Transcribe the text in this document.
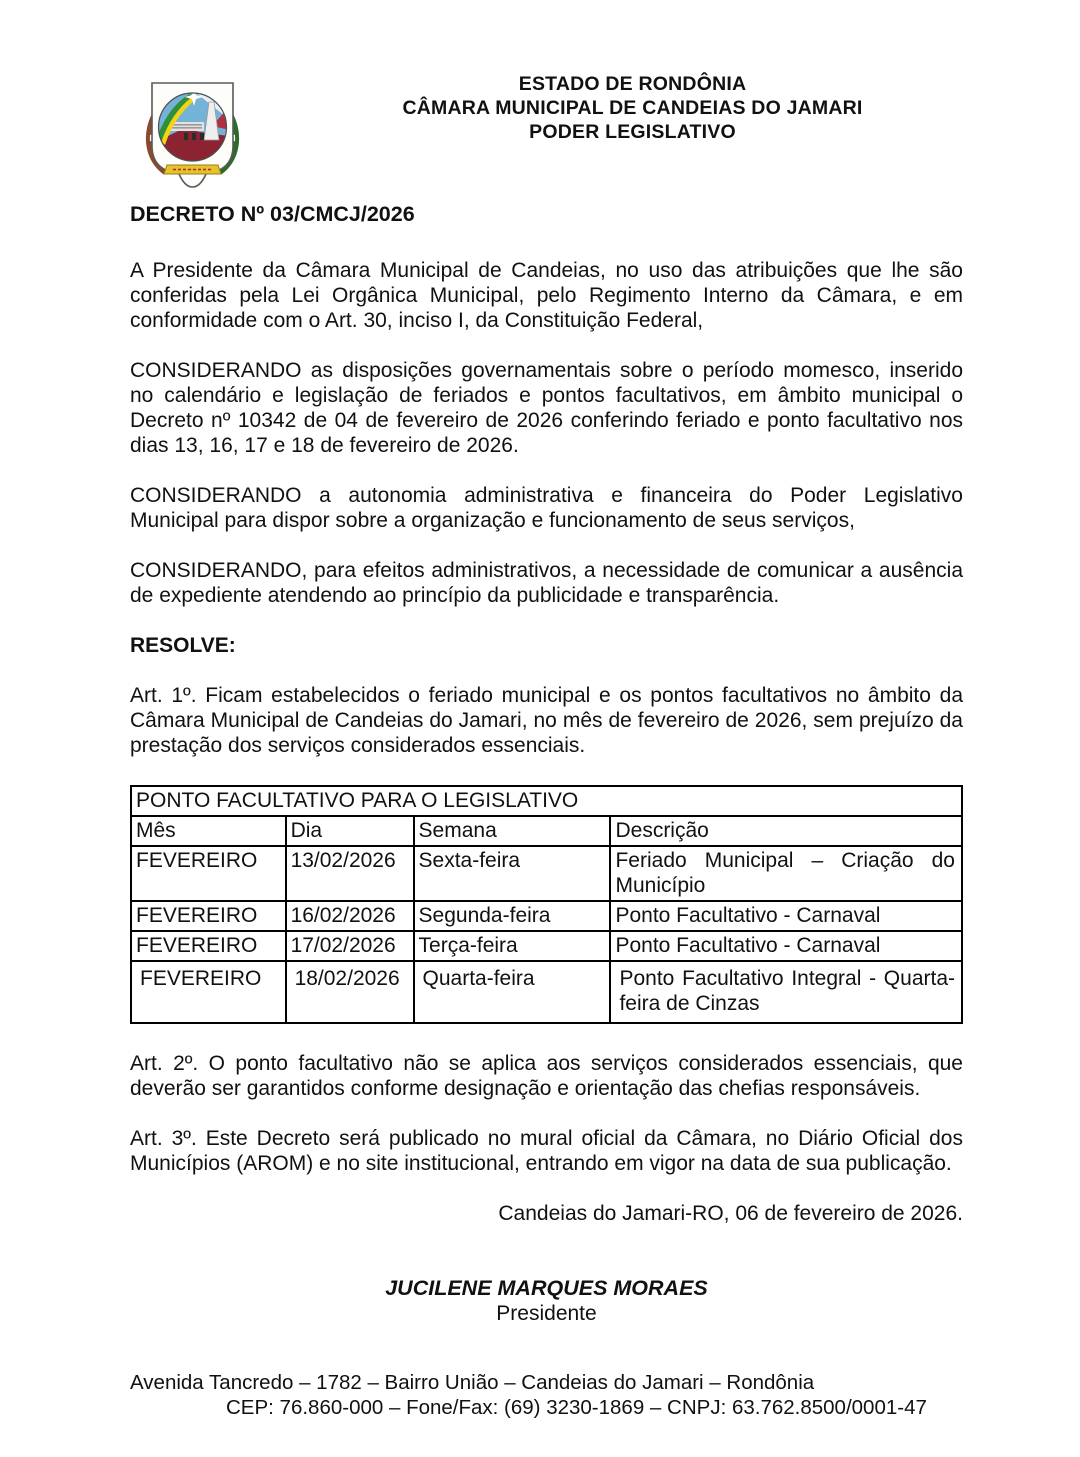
ESTADO DE RONDÔNIA
CÂMARA MUNICIPAL DE CANDEIAS DO JAMARI
PODER LEGISLATIVO
DECRETO Nº 03/CMCJ/2026

A Presidente da Câmara Municipal de Candeias, no uso das atribuições que lhe são conferidas pela Lei Orgânica Municipal, pelo Regimento Interno da Câmara, e em conformidade com o Art. 30, inciso I, da Constituição Federal,

CONSIDERANDO as disposições governamentais sobre o período momesco, inserido no calendário e legislação de feriados e pontos facultativos, em âmbito municipal o Decreto nº 10342 de 04 de fevereiro de 2026 conferindo feriado e ponto facultativo nos dias 13, 16, 17 e 18 de fevereiro de 2026.

CONSIDERANDO a autonomia administrativa e financeira do Poder Legislativo Municipal para dispor sobre a organização e funcionamento de seus serviços,

CONSIDERANDO, para efeitos administrativos, a necessidade de comunicar a ausência de expediente atendendo ao princípio da publicidade e transparência.

RESOLVE:

Art. 1º. Ficam estabelecidos o feriado municipal e os pontos facultativos no âmbito da Câmara Municipal de Candeias do Jamari, no mês de fevereiro de 2026, sem prejuízo da prestação dos serviços considerados essenciais.

PONTO FACULTATIVO PARA O LEGISLATIVO			
Mês	Dia	Semana	Descrição
FEVEREIRO	13/02/2026	Sexta-feira	Feriado Municipal – Criação do Município
FEVEREIRO	16/02/2026	Segunda-feira	Ponto Facultativo - Carnaval
FEVEREIRO	17/02/2026	Terça-feira	Ponto Facultativo - Carnaval
FEVEREIRO	18/02/2026	Quarta-feira	Ponto Facultativo Integral - Quarta-feira de Cinzas

Art. 2º. O ponto facultativo não se aplica aos serviços considerados essenciais, que deverão ser garantidos conforme designação e orientação das chefias responsáveis.

Art. 3º. Este Decreto será publicado no mural oficial da Câmara, no Diário Oficial dos Municípios (AROM) e no site institucional, entrando em vigor na data de sua publicação.

Candeias do Jamari-RO, 06 de fevereiro de 2026.

JUCILENE MARQUES MORAES

Presidente

Avenida Tancredo – 1782 – Bairro União – Candeias do Jamari – Rondônia
CEP: 76.860-000 – Fone/Fax: (69) 3230-1869 – CNPJ: 63.762.8500/0001-47
